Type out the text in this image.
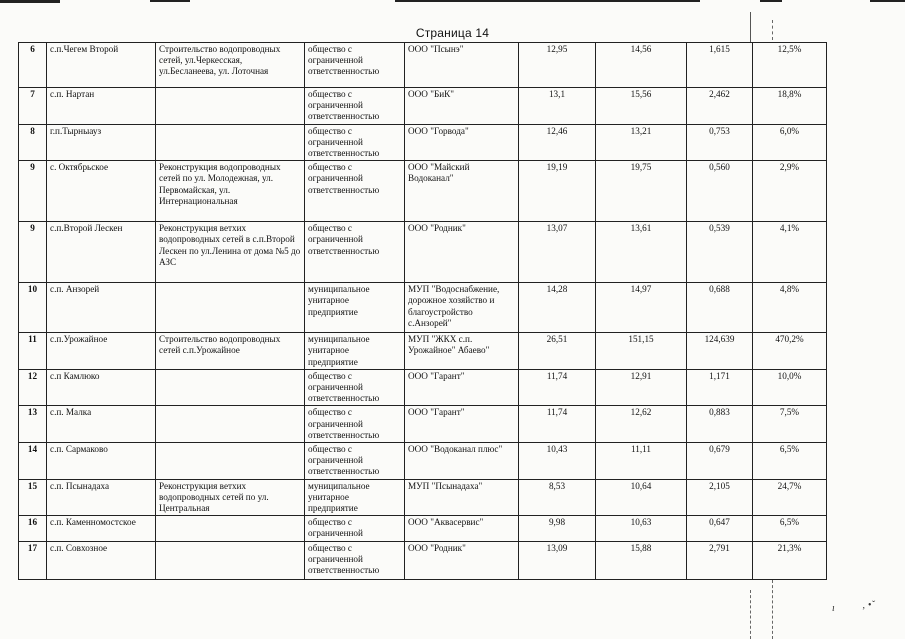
Страница 14
6	с.п.Чегем Второй	Строительство водопроводных сетей, ул.Черкесская, ул.Бесланеева, ул. Лоточная	общество с ограниченной ответственностью	ООО "Псынэ"	12,95	14,56	1,615	12,5%
7	с.п. Нартан		общество с ограниченной ответственностью	ООО "БиК"	13,1	15,56	2,462	18,8%
8	г.п.Тырныауз		общество с ограниченной ответственностью	ООО "Горвода"	12,46	13,21	0,753	6,0%
9	с. Октябрьское	Реконструкция водопроводных сетей по ул. Молодежная, ул. Первомайская, ул. Интернациональная	общество с ограниченной ответственностью	ООО "Майский Водоканал"	19,19	19,75	0,560	2,9%
9	с.п.Второй Лескен	Реконструкция ветхих водопроводных сетей в с.п.Второй Лескен по ул.Ленина от дома №5 до АЗС	общество с ограниченной ответственностью	ООО "Родник"	13,07	13,61	0,539	4,1%
10	с.п. Анзорей		муниципальное унитарное предприятие	МУП "Водоснабжение, дорожное хозяйство и благоустройство с.Анзорей"	14,28	14,97	0,688	4,8%
11	с.п.Урожайное	Строительство водопроводных сетей с.п.Урожайное	муниципальное унитарное предприятие	МУП "ЖКХ с.п. Урожайное" Абаево"	26,51	151,15	124,639	470,2%
12	с.п Камлюко		общество с ограниченной ответственностью	ООО "Гарант"	11,74	12,91	1,171	10,0%
13	с.п. Малка		общество с ограниченной ответственностью	ООО "Гарант"	11,74	12,62	0,883	7,5%
14	с.п. Сармаково		общество с ограниченной ответственностью	ООО "Водоканал плюс"	10,43	11,11	0,679	6,5%
15	с.п. Псынадаха	Реконструкция ветхих водопроводных сетей по ул. Центральная	муниципальное унитарное предприятие	МУП "Псынадаха"	8,53	10,64	2,105	24,7%
16	с.п. Каменномостское		общество с ограниченной	ООО "Аквасервис"	9,98	10,63	0,647	6,5%
17	с.п. Совхозное		общество с ограниченной ответственностью	ООО "Родник"	13,09	15,88	2,791	21,3%
ı	‚ •ˇ
